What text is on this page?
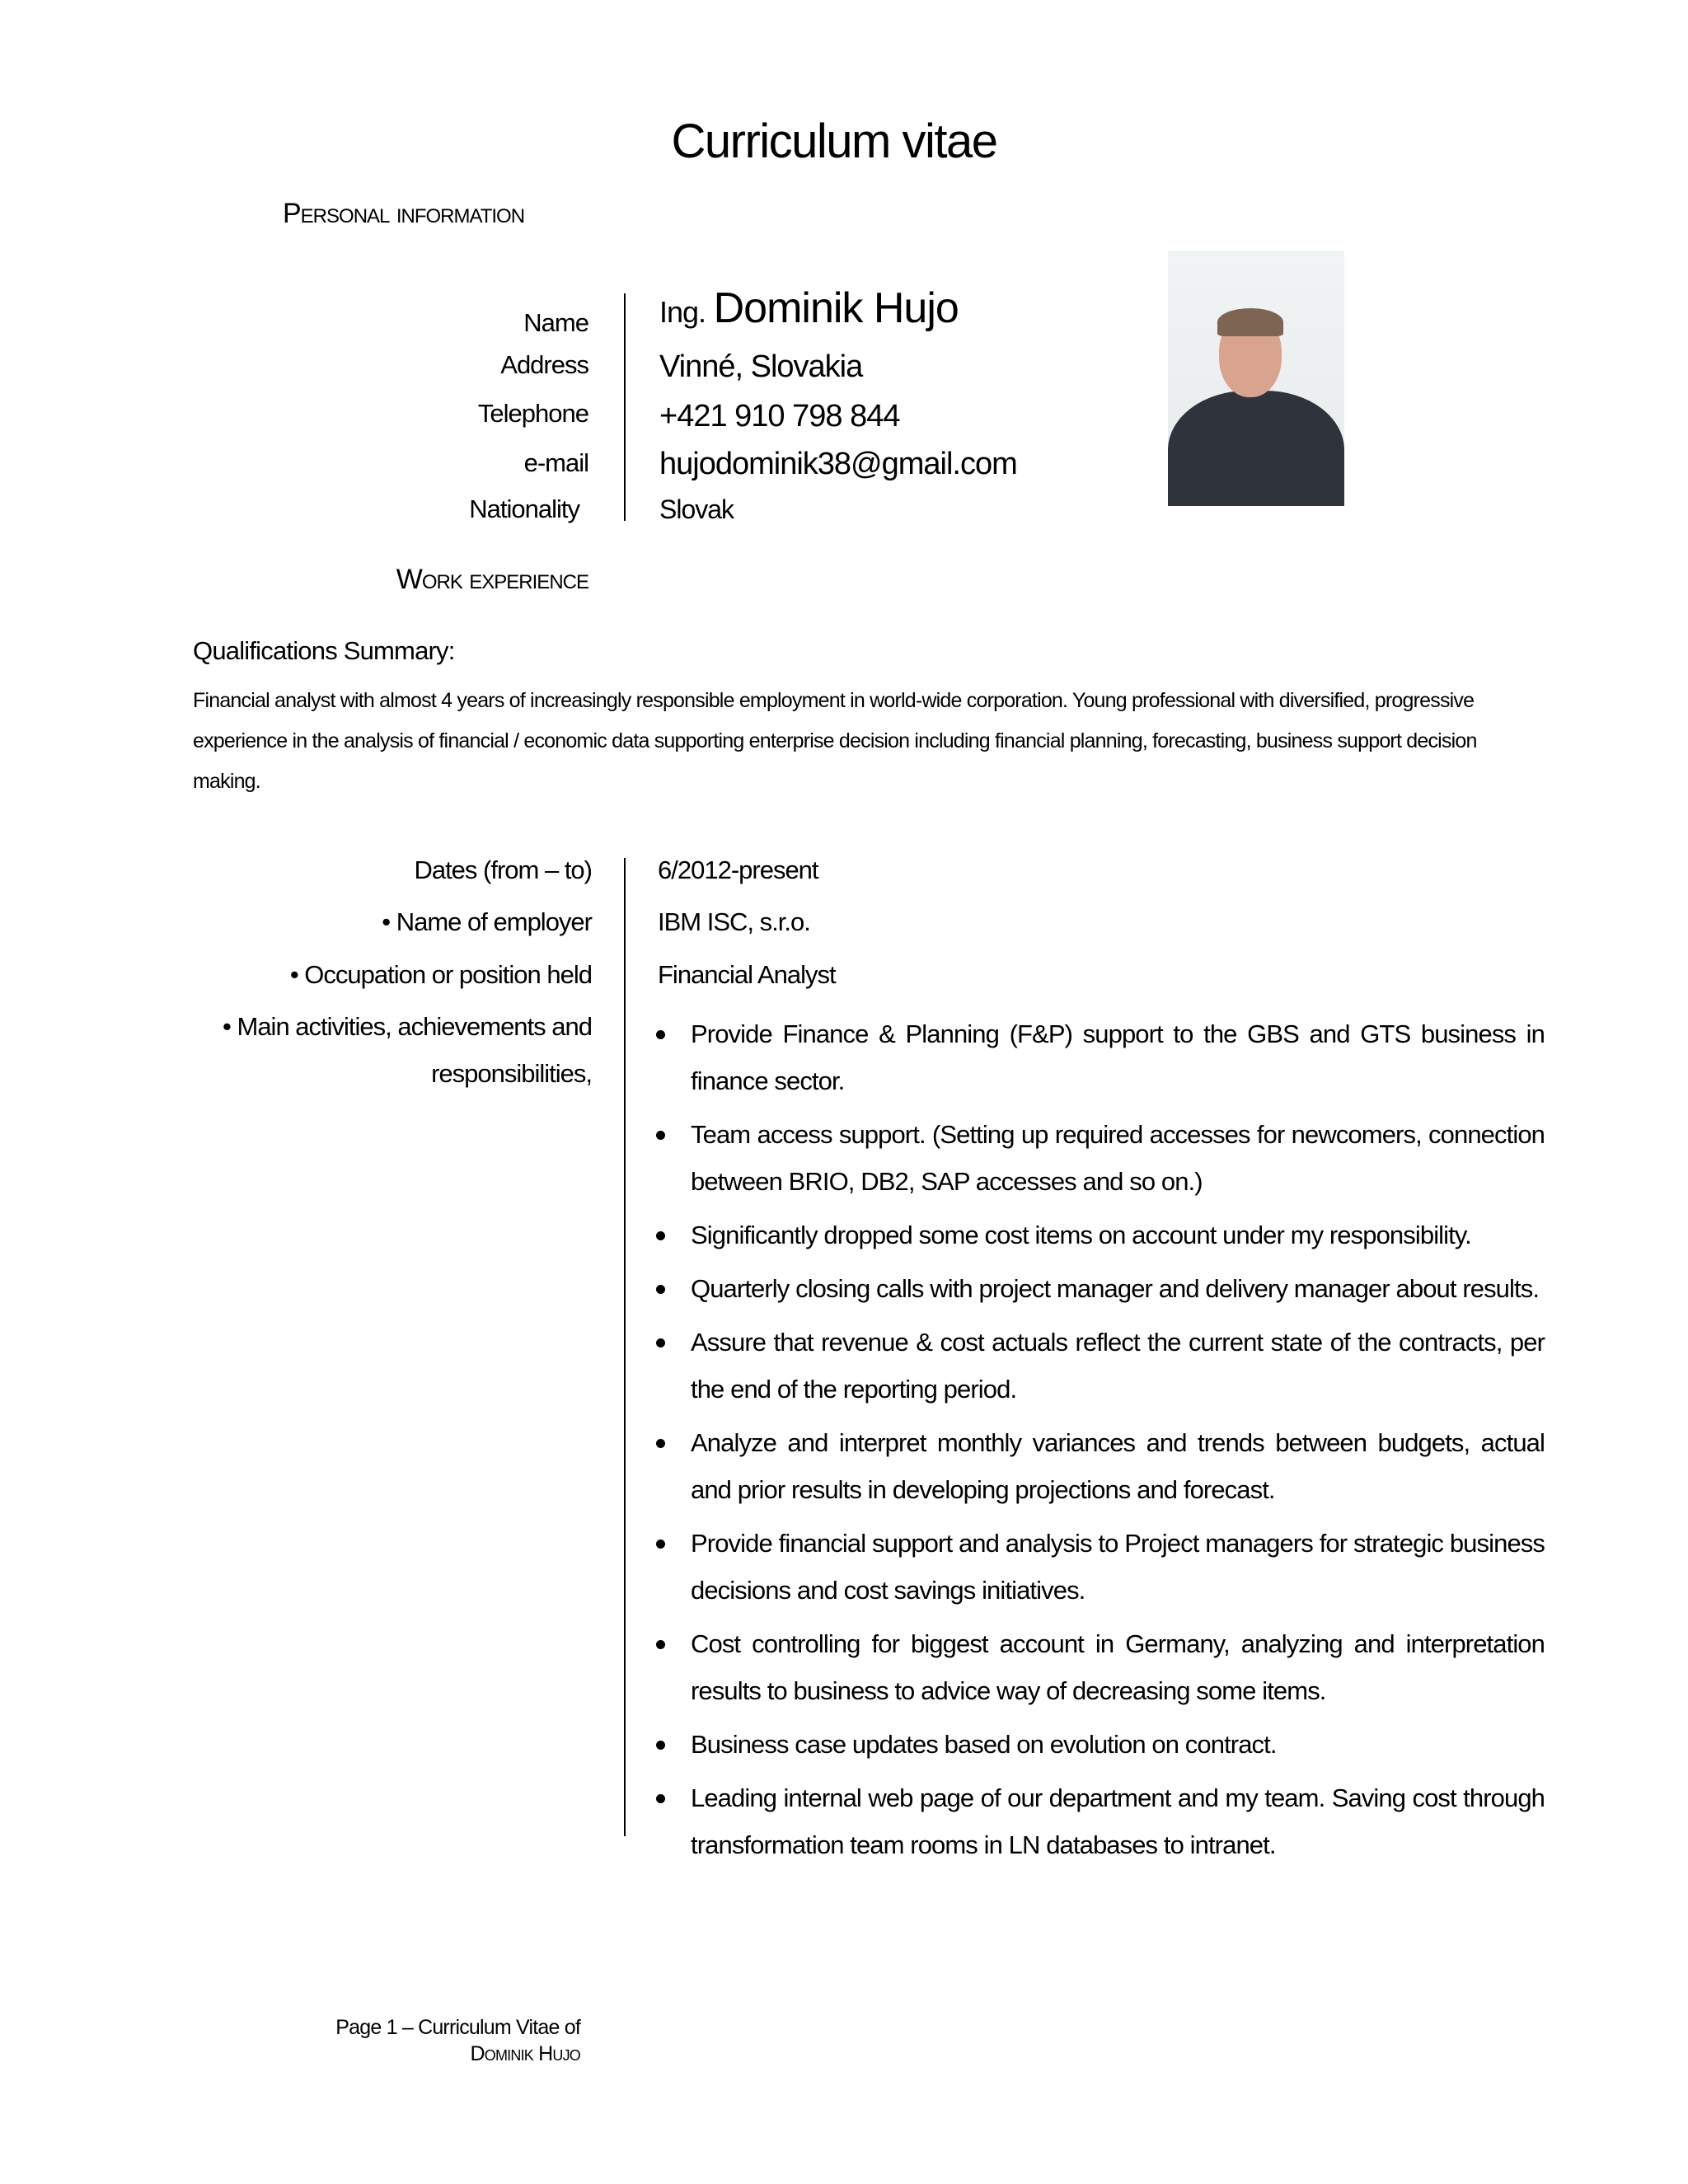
Curriculum vitae
Personal information
Name Ing. Dominik Hujo
Address Vinné, Slovakia
Telephone +421 910 798 844
e-mail hujodominik38@gmail.com
Nationality	Slovak
Work experience
Qualifications Summary:
Financial analyst with almost 4 years of increasingly responsible employment in world-wide corporation. Young professional with diversified, progressive experience in the analysis of financial / economic data supporting enterprise decision including financial planning, forecasting, business support decision making.
Dates (from – to)	6/2012-present
• Name of employer	IBM ISC, s.r.o.
• Occupation or position held	Financial Analyst
• Main activities, achievements and
responsibilities,
Provide Finance & Planning (F&P) support to the GBS and GTS business in finance sector.
Team access support. (Setting up required accesses for newcomers, connection between BRIO, DB2, SAP accesses and so on.)
Significantly dropped some cost items on account under my responsibility.
Quarterly closing calls with project manager and delivery manager about results.
Assure that revenue & cost actuals reflect the current state of the contracts, per the end of the reporting period.
Analyze and interpret monthly variances and trends between budgets, actual and prior results in developing projections and forecast.
Provide financial support and analysis to Project managers for strategic business decisions and cost savings initiatives.
Cost controlling for biggest account in Germany, analyzing and interpretation results to business to advice way of decreasing some items.
Business case updates based on evolution on contract.
Leading internal web page of our department and my team. Saving cost through transformation team rooms in LN databases to intranet.
Page 1 – Curriculum Vitae of
Dominik Hujo
